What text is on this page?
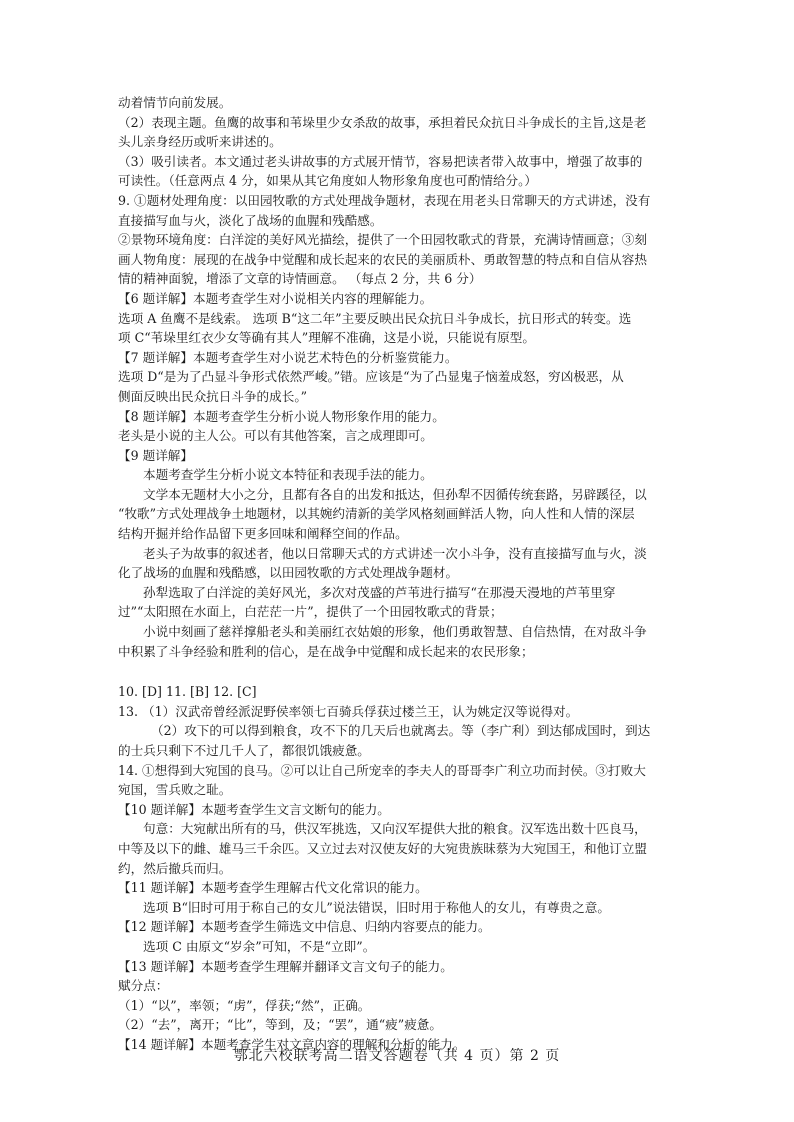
动着情节向前发展。
（2）表现主题。鱼鹰的故事和苇垛里少女杀敌的故事，承担着民众抗日斗争成长的主旨,这是老
头儿亲身经历或听来讲述的。
（3）吸引读者。本文通过老头讲故事的方式展开情节，容易把读者带入故事中，增强了故事的
可读性。（任意两点 4 分，如果从其它角度如人物形象角度也可酌情给分。）
9. ①题材处理角度：以田园牧歌的方式处理战争题材，表现在用老头日常聊天的方式讲述，没有
直接描写血与火，淡化了战场的血腥和残酷感。
②景物环境角度：白洋淀的美好风光描绘，提供了一个田园牧歌式的背景，充满诗情画意；③刻
画人物角度：展现的在战争中觉醒和成长起来的农民的美丽质朴、勇敢智慧的特点和自信从容热
情的精神面貌，增添了文章的诗情画意。 （每点 2 分，共 6 分）
【6 题详解】本题考查学生对小说相关内容的理解能力。
选项 A 鱼鹰不是线索。 选项 B“这二年”主要反映出民众抗日斗争成长，抗日形式的转变。选
项 C“苇垛里红衣少女等确有其人”理解不准确，这是小说，只能说有原型。
【7 题详解】本题考查学生对小说艺术特色的分析鉴赏能力。
选项 D“是为了凸显斗争形式依然严峻。”错。应该是“为了凸显鬼子恼羞成怒，穷凶极恶，从
侧面反映出民众抗日斗争的成长。”
【8 题详解】本题考查学生分析小说人物形象作用的能力。
老头是小说的主人公。可以有其他答案，言之成理即可。
【9 题详解】
本题考查学生分析小说文本特征和表现手法的能力。
文学本无题材大小之分，且都有各自的出发和抵达，但孙犁不因循传统套路，另辟蹊径，以
“牧歌”方式处理战争土地题材，以其婉约清新的美学风格刻画鲜活人物，向人性和人情的深层
结构开掘并给作品留下更多回味和阐释空间的作品。
老头子为故事的叙述者，他以日常聊天式的方式讲述一次小斗争，没有直接描写血与火，淡
化了战场的血腥和残酷感，以田园牧歌的方式处理战争题材。
孙犁选取了白洋淀的美好风光，多次对茂盛的芦苇进行描写“在那漫天漫地的芦苇里穿
过”“太阳照在水面上，白茫茫一片”，提供了一个田园牧歌式的背景；
小说中刻画了慈祥撑船老头和美丽红衣姑娘的形象，他们勇敢智慧、自信热情，在对敌斗争
中积累了斗争经验和胜利的信心，是在战争中觉醒和成长起来的农民形象；
10. [D] 11. [B] 12. [C]
13. （1）汉武帝曾经派浞野侯率领七百骑兵俘获过楼兰王，认为姚定汉等说得对。
（2）攻下的可以得到粮食，攻不下的几天后也就离去。等（李广利）到达郁成国时，到达
的士兵只剩下不过几千人了，都很饥饿疲惫。
14. ①想得到大宛国的良马。②可以让自己所宠幸的李夫人的哥哥李广利立功而封侯。③打败大
宛国，雪兵败之耻。
【10 题详解】本题考查学生文言文断句的能力。
句意：大宛献出所有的马，供汉军挑选，又向汉军提供大批的粮食。汉军选出数十匹良马，
中等及以下的雌、雄马三千余匹。又立过去对汉使友好的大宛贵族昧蔡为大宛国王，和他订立盟
约，然后撤兵而归。
【11 题详解】本题考查学生理解古代文化常识的能力。
选项 B“旧时可用于称自己的女儿”说法错误，旧时用于称他人的女儿，有尊贵之意。
【12 题详解】本题考查学生筛选文中信息、归纳内容要点的能力。
选项 C 由原文“岁余”可知，不是“立即”。
【13 题详解】本题考查学生理解并翻译文言文句子的能力。
赋分点：
（1）“以”，率领；“虏”，俘获;“然”，正确。
（2）“去”，离开；“比”，等到，及；“罢”，通“疲”疲惫。
【14 题详解】本题考查学生对文章内容的理解和分析的能力。
鄂北六校联考高二语文答题卷（共 4 页）第 2 页
